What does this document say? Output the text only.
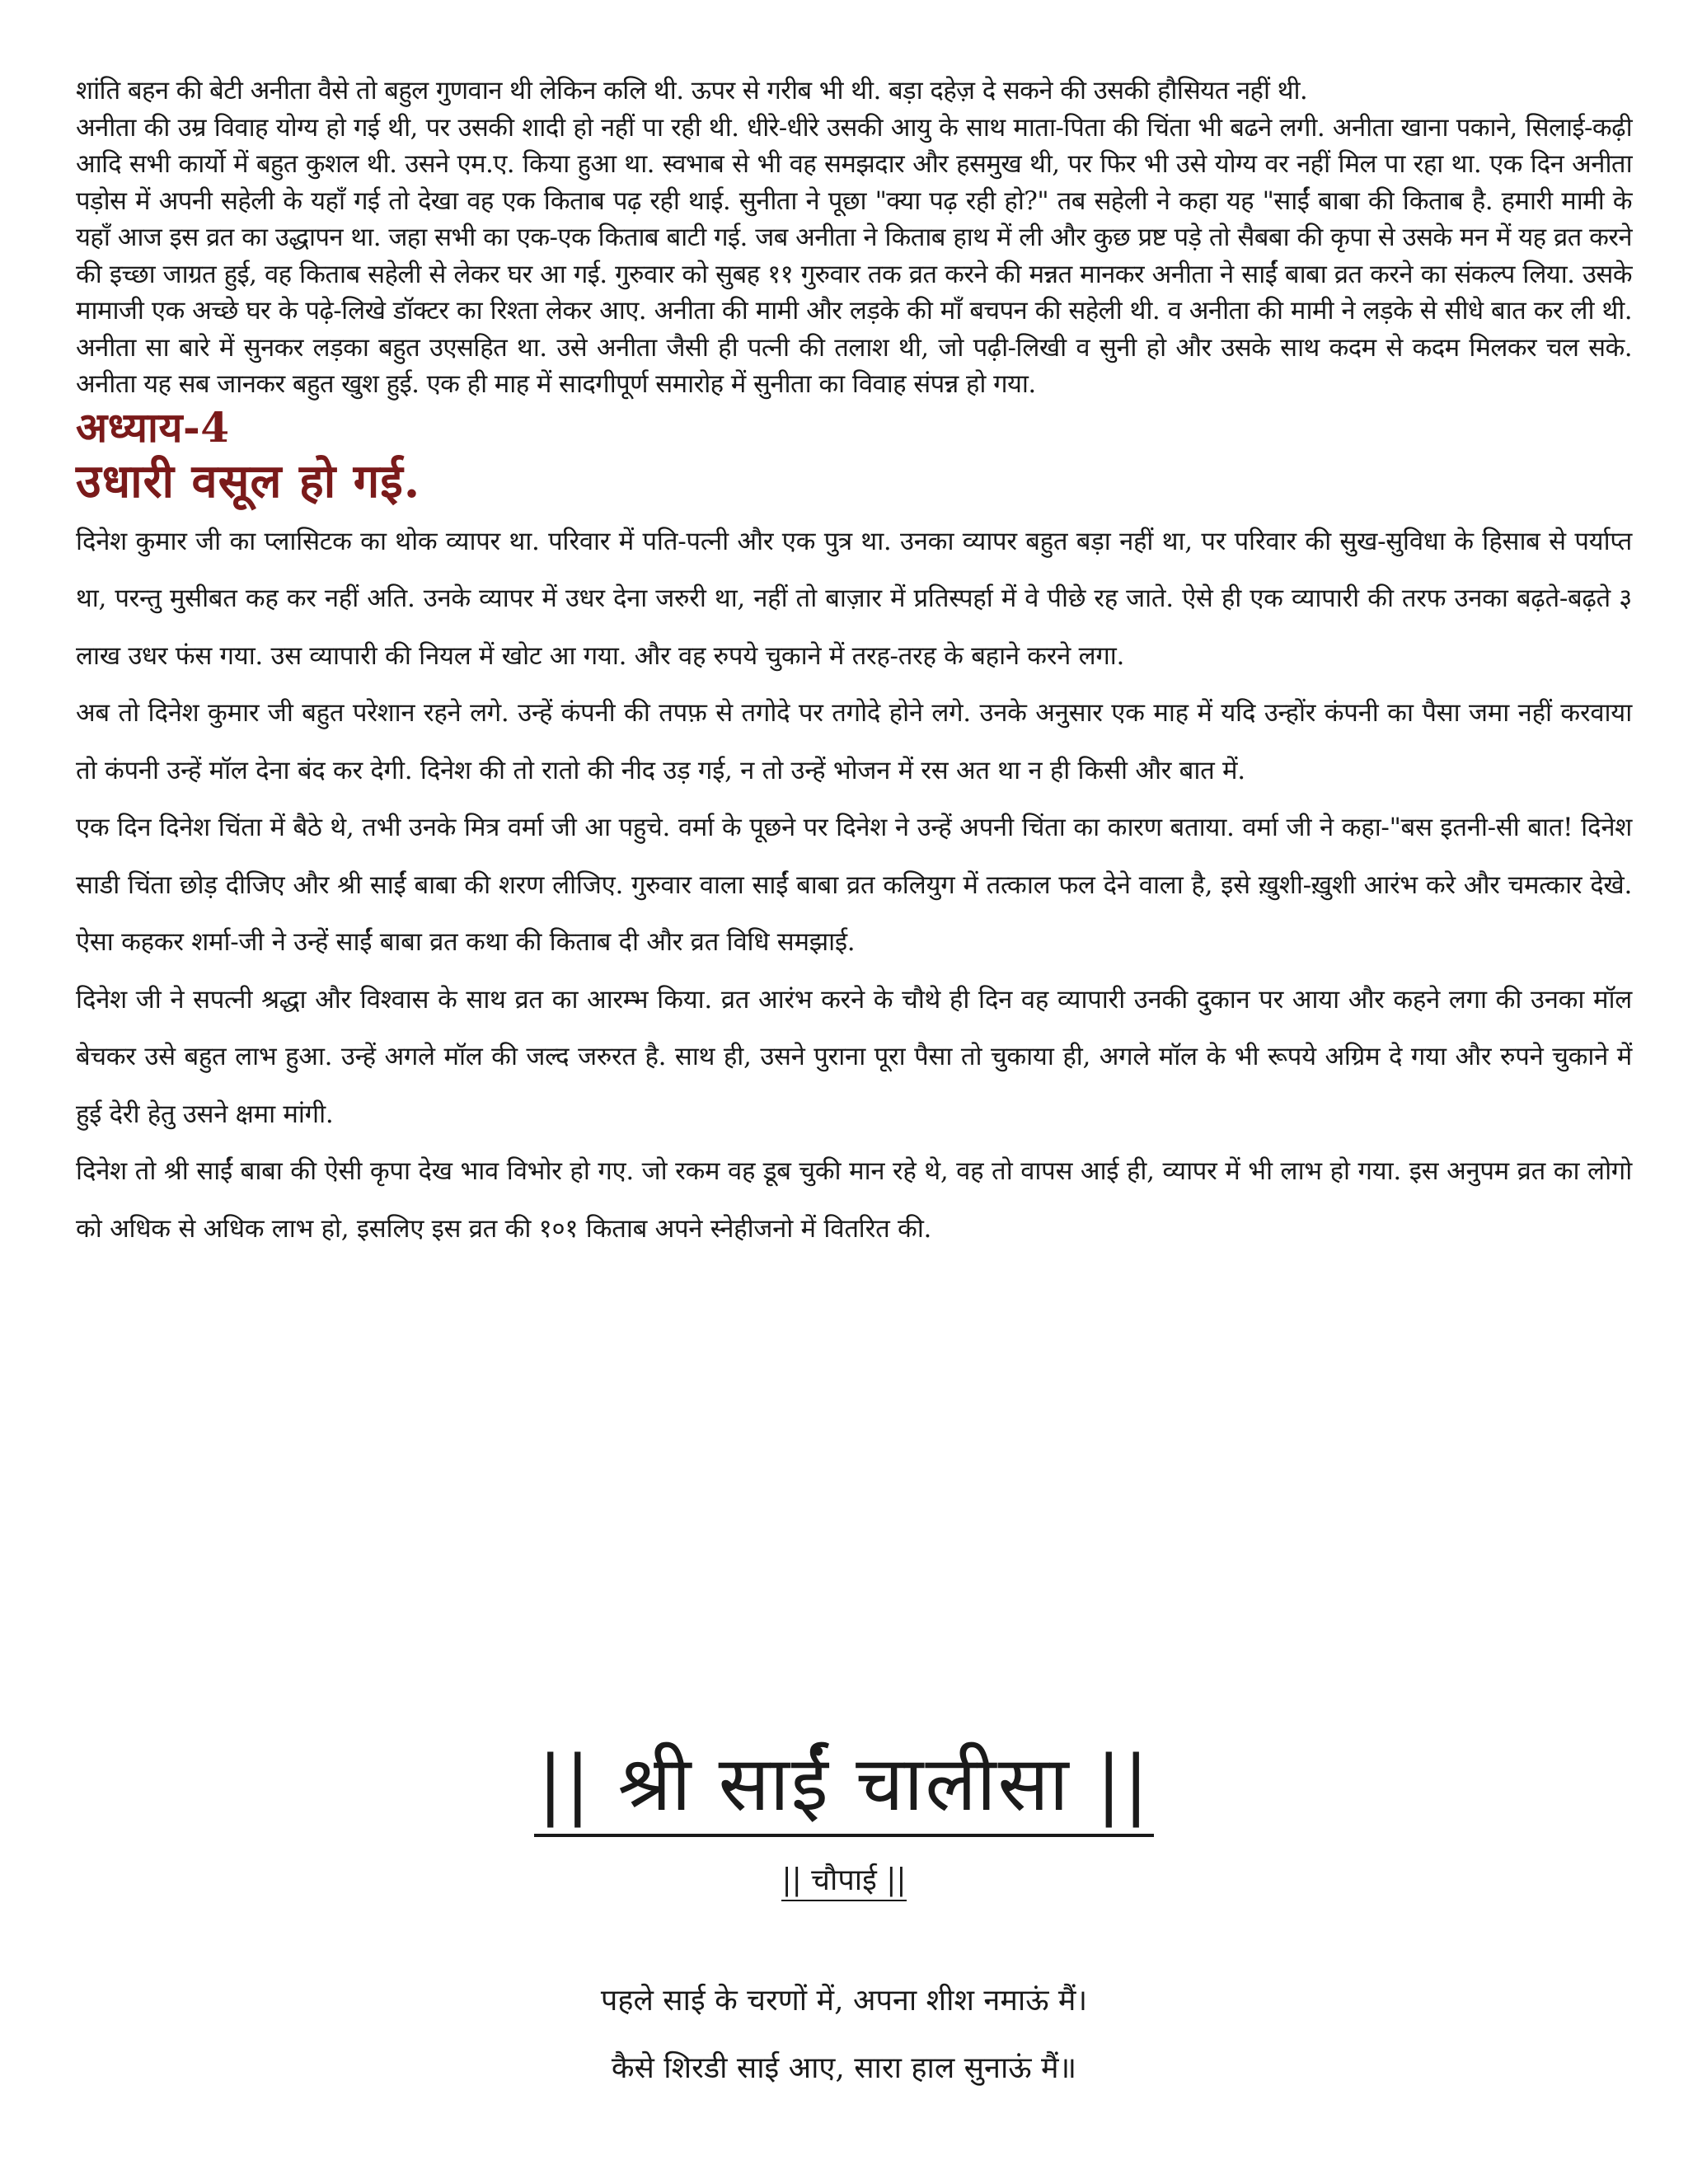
शांति बहन की बेटी अनीता वैसे तो बहुल गुणवान थी लेकिन कलि थी. ऊपर से गरीब भी थी. बड़ा दहेज़ दे सकने की उसकी हौसियत नहीं थी.

अनीता की उम्र विवाह योग्य हो गई थी, पर उसकी शादी हो नहीं पा रही थी. धीरे-धीरे उसकी आयु के साथ माता-पिता की चिंता भी बढने लगी. अनीता खाना पकाने, सिलाई-कढ़ी आदि सभी कार्यो में बहुत कुशल थी. उसने एम.ए. किया हुआ था. स्वभाब से भी वह समझदार और हसमुख थी, पर फिर भी उसे योग्य वर नहीं मिल पा रहा था. एक दिन अनीता पड़ोस में अपनी सहेली के यहाँ गई तो देखा वह एक किताब पढ़ रही थाई. सुनीता ने पूछा "क्या पढ़ रही हो?" तब सहेली ने कहा यह "साईं बाबा की किताब है. हमारी मामी के यहाँ आज इस व्रत का उद्धापन था. जहा सभी का एक-एक किताब बाटी गई. जब अनीता ने किताब हाथ में ली और कुछ प्रष्ट पड़े तो सैबबा की कृपा से उसके मन में यह व्रत करने की इच्छा जाग्रत हुई, वह किताब सहेली से लेकर घर आ गई. गुरुवार को सुबह ११ गुरुवार तक व्रत करने की मन्नत मानकर अनीता ने साईं बाबा व्रत करने का संकल्प लिया. उसके मामाजी एक अच्छे घर के पढ़े-लिखे डॉक्टर का रिश्ता लेकर आए. अनीता की मामी और लड़के की माँ बचपन की सहेली थी. व अनीता की मामी ने लड़के से सीधे बात कर ली थी. अनीता सा बारे में सुनकर लड़का बहुत उएसहित था. उसे अनीता जैसी ही पत्नी की तलाश थी, जो पढ़ी-लिखी व सुनी हो और उसके साथ कदम से कदम मिलकर चल सके. अनीता यह सब जानकर बहुत खुश हुई. एक ही माह में सादगीपूर्ण समारोह में सुनीता का विवाह संपन्न हो गया.

अध्याय-4
उधारी वसूल हो गई.

दिनेश कुमार जी का प्लासिटक का थोक व्यापर था. परिवार में पति-पत्नी और एक पुत्र था. उनका व्यापर बहुत बड़ा नहीं था, पर परिवार की सुख-सुविधा के हिसाब से पर्याप्त था, परन्तु मुसीबत कह कर नहीं अति. उनके व्यापर में उधर देना जरुरी था, नहीं तो बाज़ार में प्रतिस्पर्हा में वे पीछे रह जाते. ऐसे ही एक व्यापारी की तरफ उनका बढ़ते-बढ़ते ३ लाख उधर फंस गया. उस व्यापारी की नियल में खोट आ गया. और वह रुपये चुकाने में तरह-तरह के बहाने करने लगा.

अब तो दिनेश कुमार जी बहुत परेशान रहने लगे. उन्हें कंपनी की तपफ़ से तगोदे पर तगोदे होने लगे. उनके अनुसार एक माह में यदि उन्होंर कंपनी का पैसा जमा नहीं करवाया तो कंपनी उन्हें मॉल देना बंद कर देगी. दिनेश की तो रातो की नीद उड़ गई, न तो उन्हें भोजन में रस अत था न ही किसी और बात में.

एक दिन दिनेश चिंता में बैठे थे, तभी उनके मित्र वर्मा जी आ पहुचे. वर्मा के पूछने पर दिनेश ने उन्हें अपनी चिंता का कारण बताया. वर्मा जी ने कहा-"बस इतनी-सी बात! दिनेश साडी चिंता छोड़ दीजिए और श्री साईं बाबा की शरण लीजिए. गुरुवार वाला साईं बाबा व्रत कलियुग में तत्काल फल देने वाला है, इसे ख़ुशी-ख़ुशी आरंभ करे और चमत्कार देखे. ऐसा कहकर शर्मा-जी ने उन्हें साईं बाबा व्रत कथा की किताब दी और व्रत विधि समझाई.

दिनेश जी ने सपत्नी श्रद्धा और विश्वास के साथ व्रत का आरम्भ किया. व्रत आरंभ करने के चौथे ही दिन वह व्यापारी उनकी दुकान पर आया और कहने लगा की उनका मॉल बेचकर उसे बहुत लाभ हुआ. उन्हें अगले मॉल की जल्द जरुरत है. साथ ही, उसने पुराना पूरा पैसा तो चुकाया ही, अगले मॉल के भी रूपये अग्रिम दे गया और रुपने चुकाने में हुई देरी हेतु उसने क्षमा मांगी.

दिनेश तो श्री साईं बाबा की ऐसी कृपा देख भाव विभोर हो गए. जो रकम वह डूब चुकी मान रहे थे, वह तो वापस आई ही, व्यापर में भी लाभ हो गया. इस अनुपम व्रत का लोगो को अधिक से अधिक लाभ हो, इसलिए इस व्रत की १०१ किताब अपने स्नेहीजनो में वितरित की.

|| श्री साईं चालीसा ||
|| चौपाई ||
पहले साई के चरणों में, अपना शीश नमाऊं मैं।
कैसे शिरडी साई आए, सारा हाल सुनाऊं मैं॥
